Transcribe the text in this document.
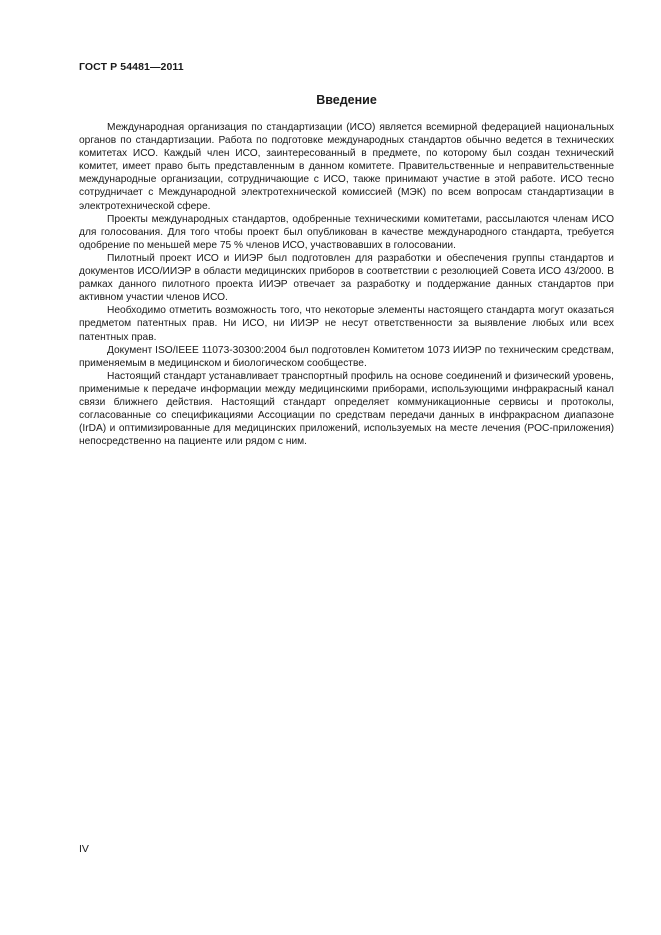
ГОСТ Р 54481—2011
Введение

Международная организация по стандартизации (ИСО) является всемирной федерацией национальных органов по стандартизации. Работа по подготовке международных стандартов обычно ведется в технических комитетах ИСО. Каждый член ИСО, заинтересованный в предмете, по которому был создан технический комитет, имеет право быть представленным в данном комитете. Правительственные и неправительственные международные организации, сотрудничающие с ИСО, также принимают участие в этой работе. ИСО тесно сотрудничает с Международной электротехнической комиссией (МЭК) по всем вопросам стандартизации в электротехнической сфере.

Проекты международных стандартов, одобренные техническими комитетами, рассылаются членам ИСО для голосования. Для того чтобы проект был опубликован в качестве международного стандарта, требуется одобрение по меньшей мере 75 % членов ИСО, участвовавших в голосовании.

Пилотный проект ИСО и ИИЭР был подготовлен для разработки и обеспечения группы стандартов и документов ИСО/ИИЭР в области медицинских приборов в соответствии с резолюцией Совета ИСО 43/2000. В рамках данного пилотного проекта ИИЭР отвечает за разработку и поддержание данных стандартов при активном участии членов ИСО.

Необходимо отметить возможность того, что некоторые элементы настоящего стандарта могут оказаться предметом патентных прав. Ни ИСО, ни ИИЭР не несут ответственности за выявление любых или всех патентных прав.

Документ ISO/IEEE 11073-30300:2004 был подготовлен Комитетом 1073 ИИЭР по техническим средствам, применяемым в медицинском и биологическом сообществе.

Настоящий стандарт устанавливает транспортный профиль на основе соединений и физический уровень, применимые к передаче информации между медицинскими приборами, использующими инфракрасный канал связи ближнего действия. Настоящий стандарт определяет коммуникационные сервисы и протоколы, согласованные со спецификациями Ассоциации по средствам передачи данных в инфракрасном диапазоне (IrDA) и оптимизированные для медицинских приложений, используемых на месте лечения (POC-приложения) непосредственно на пациенте или рядом с ним.

IV
